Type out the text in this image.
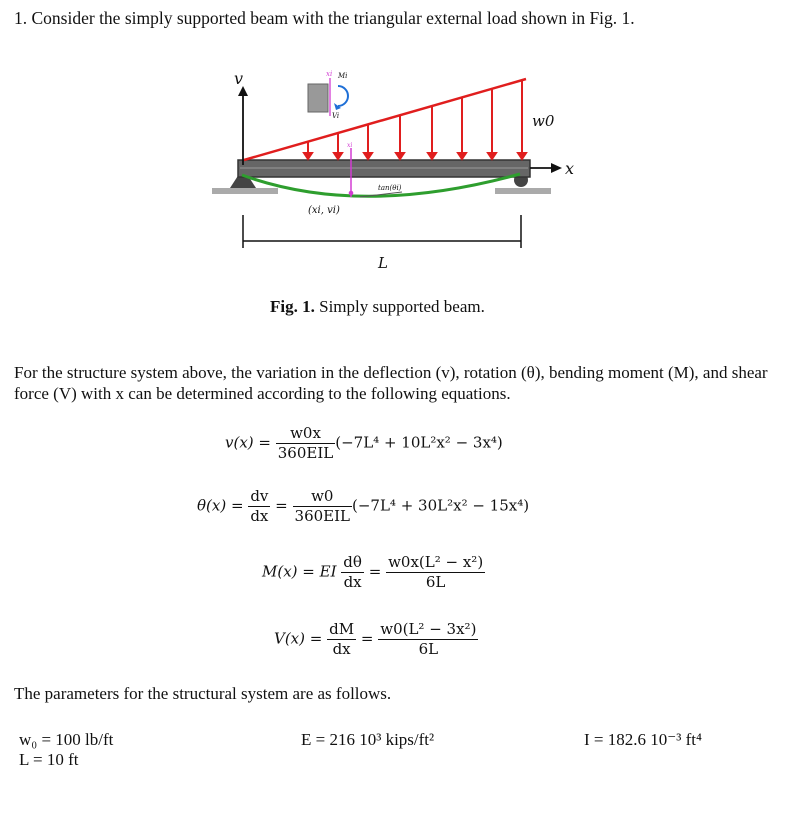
1. Consider the simply supported beam with the triangular external load shown in Fig. 1.
v
x
w0
L
xi Mi
Vi
xi
tan(θi)
(xi, vi)
Fig. 1. Simply supported beam.
For the structure system above, the variation in the deflection (v), rotation (θ), bending moment (M), and shear force (V) with x can be determined according to the following equations.
$v(x) = \frac{w0x}{\text{360EIL}} (-7L^4 + 10L^2x^2 - 3x^4)$
$\theta(x) = \frac{dv}{dx} = \frac{w0}{\text{360EIL}} (-7L^4 + 30L^2x^2 - 15x^4)$
M(x) = EI $\frac{d\theta}{dx} = \frac{\text{w0x(L² − x²)}}{6L}$
$V(x) = \frac{dM}{dx} = \frac{\text{w0(L² − 3x²)}}{6L}$
The parameters for the structural system are as follows.
w₀ = 100 lb/ft
L = 10 ft
E = 216 10³ kips/ft²	I = 182.6 10⁻³ ft⁴
